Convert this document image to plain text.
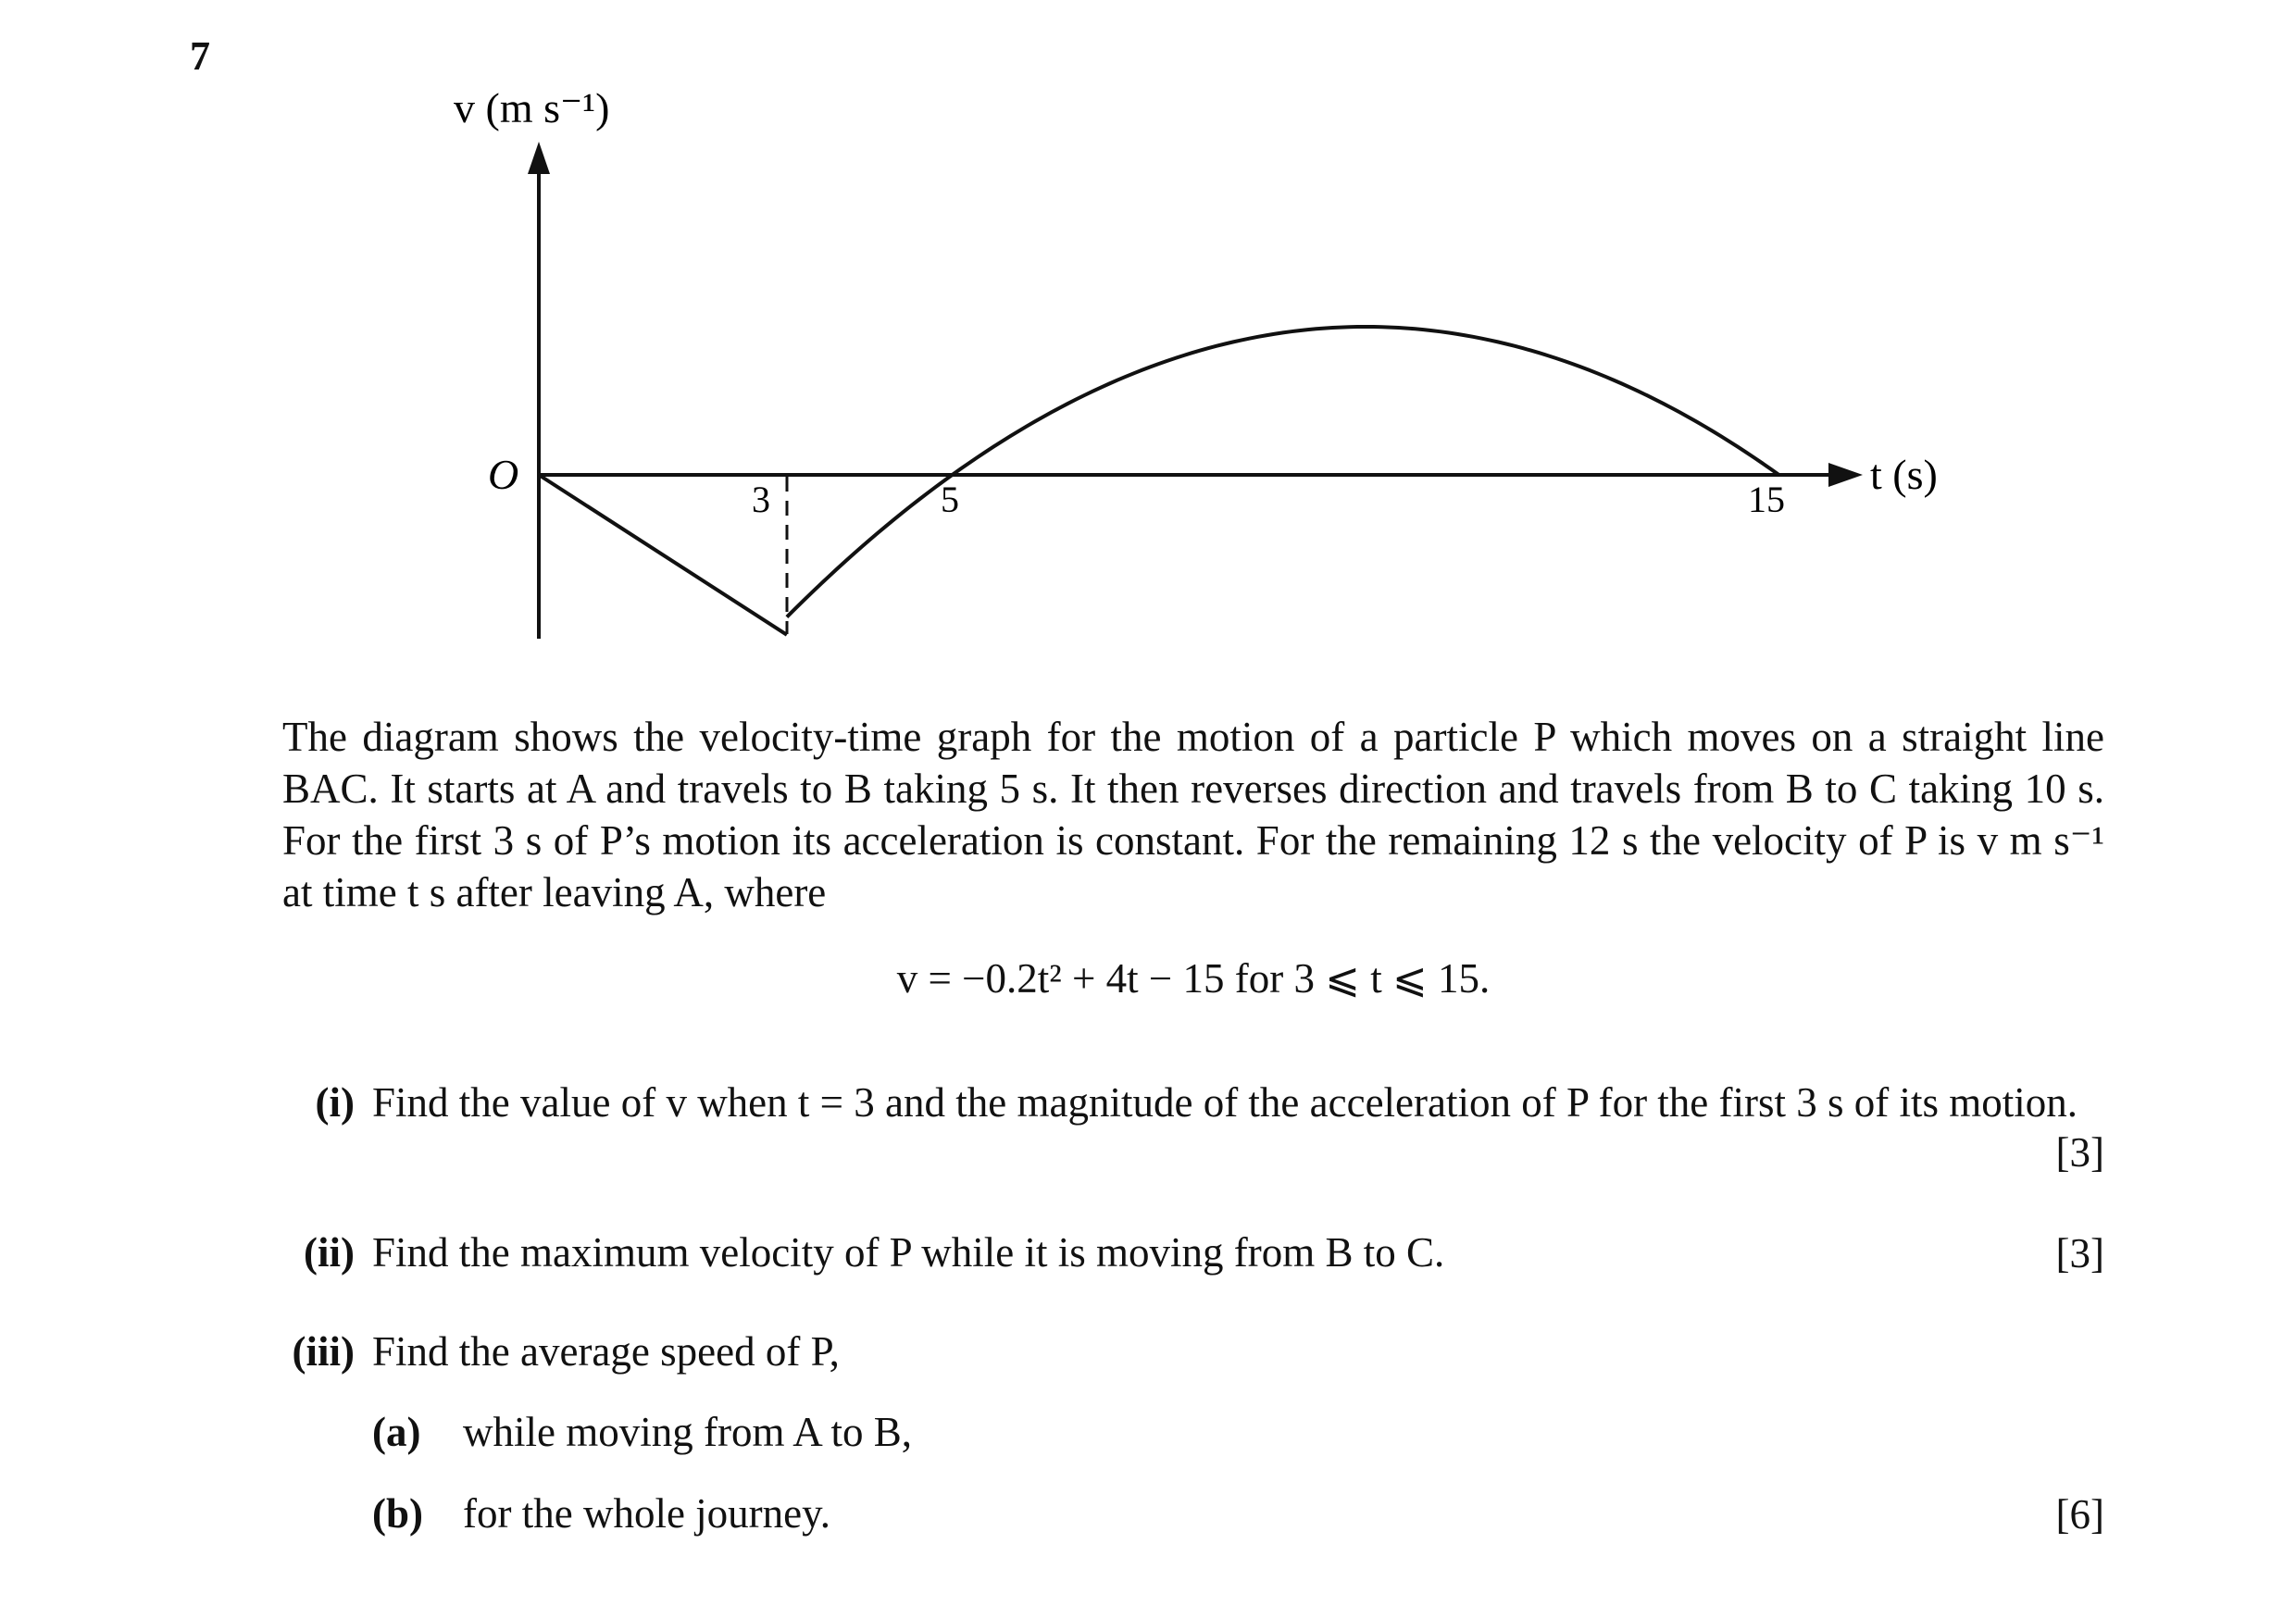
7
v (m s⁻¹)
t (s)
O
3	5	15

The diagram shows the velocity-time graph for the motion of a particle P which moves on a straight line BAC. It starts at A and travels to B taking 5 s. It then reverses direction and travels from B to C taking 10 s. For the first 3 s of P’s motion its acceleration is constant. For the remaining 12 s the velocity of P is v m s⁻¹ at time t s after leaving A, where

v = −0.2t² + 4t − 15 for 3 ⩽ t ⩽ 15.
(i) Find the value of v when t = 3 and the magnitude of the acceleration of P for the first 3 s of its motion.
[3]
(ii) Find the maximum velocity of P while it is moving from B to C.	[3]
(iii) Find the average speed of P,
(a) while moving from A to B,
(b) for the whole journey.	[6]
